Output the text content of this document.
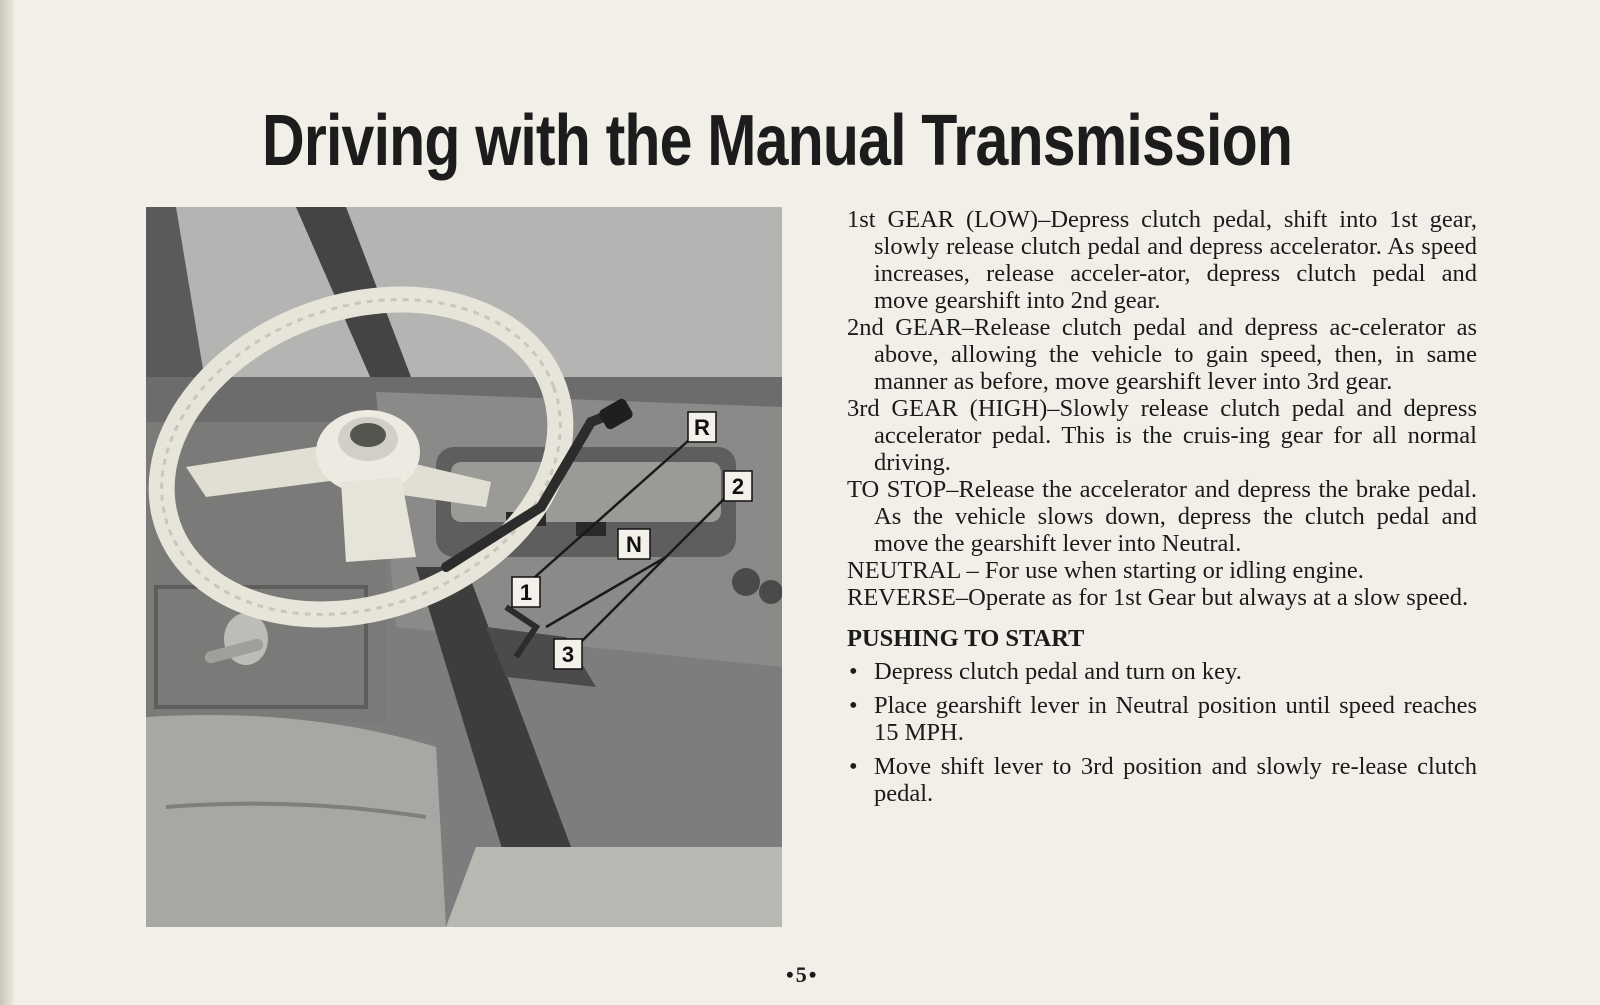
Driving with the Manual Transmission
R
2
N
1
3

1st GEAR (LOW)–Depress clutch pedal, shift into 1st gear, slowly release clutch pedal and depress accelerator. As speed increases, release acceler-ator, depress clutch pedal and move gearshift into 2nd gear.

2nd GEAR–Release clutch pedal and depress ac-celerator as above, allowing the vehicle to gain speed, then, in same manner as before, move gearshift lever into 3rd gear.

3rd GEAR (HIGH)–Slowly release clutch pedal and depress accelerator pedal. This is the cruis-ing gear for all normal driving.

TO STOP–Release the accelerator and depress the brake pedal. As the vehicle slows down, depress the clutch pedal and move the gearshift lever into Neutral.

NEUTRAL – For use when starting or idling engine.

REVERSE–Operate as for 1st Gear but always at a slow speed.

PUSHING TO START
• Depress clutch pedal and turn on key.
• Place gearshift lever in Neutral position until speed reaches 15 MPH.
• Move shift lever to 3rd position and slowly re-lease clutch pedal.
•5•
